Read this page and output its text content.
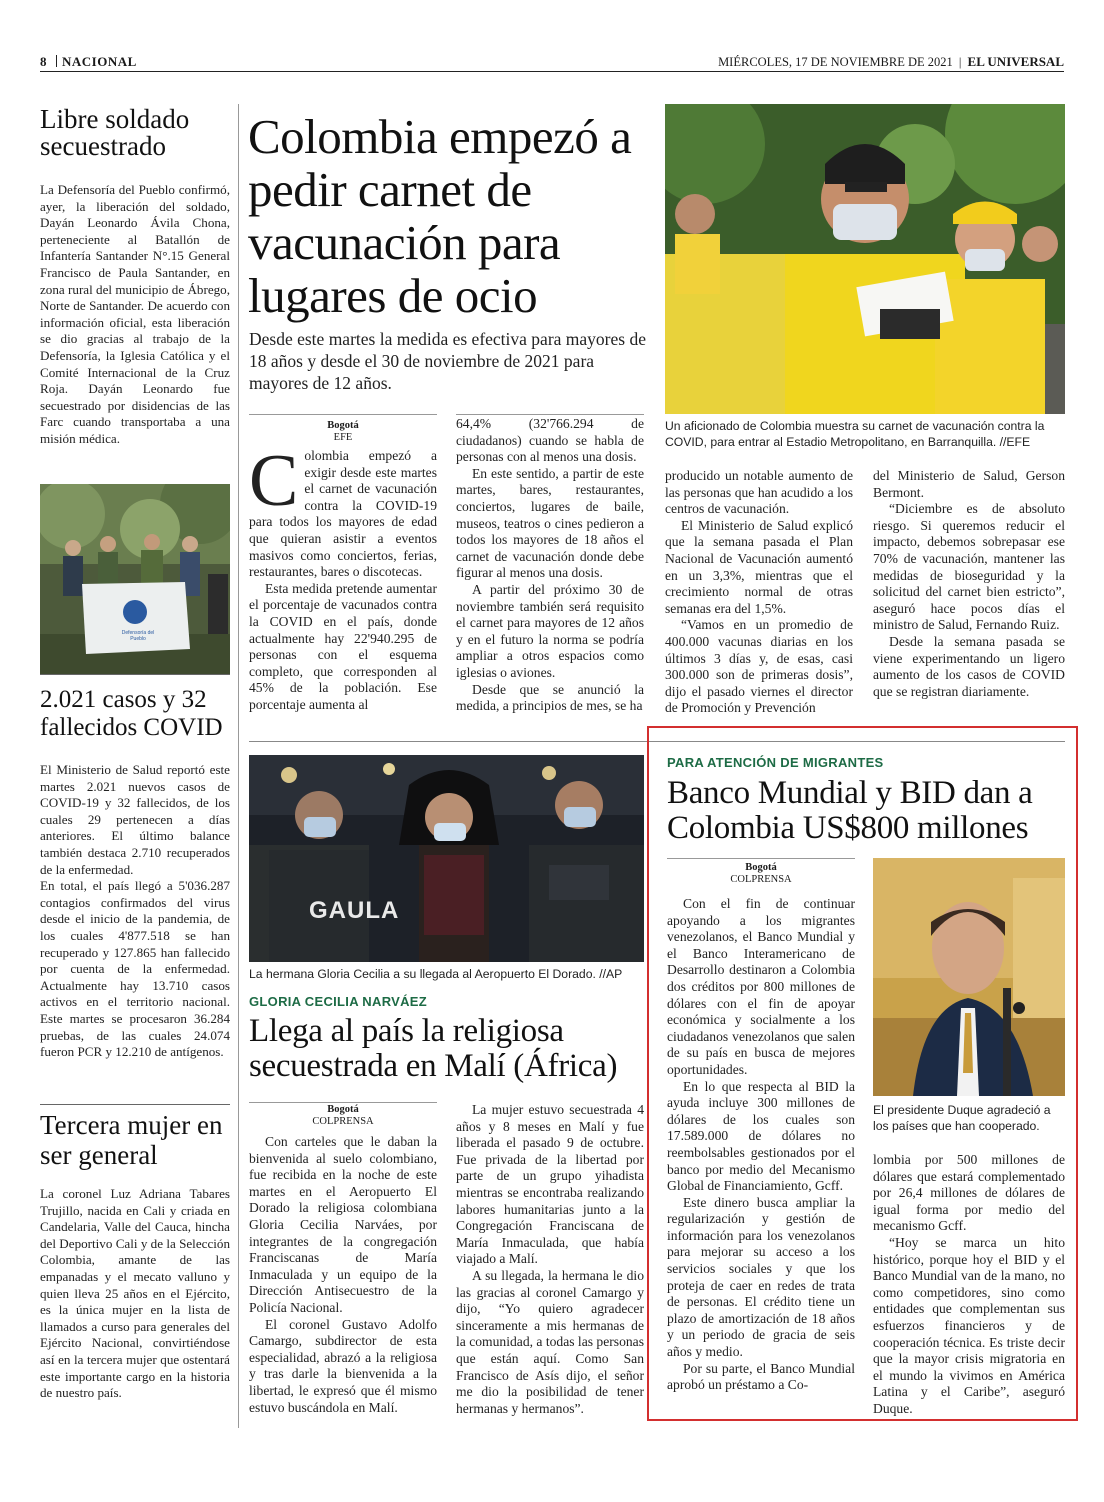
8 NACIONAL	MIÉRCOLES, 17 DE NOVIEMBRE DE 2021 | EL UNIVERSAL
Libre soldado secuestrado

La Defensoría del Pueblo confirmó, ayer, la liberación del soldado, Dayán Leonardo Ávila Chona, perteneciente al Batallón de Infantería Santander N°.15 General Francisco de Paula Santander, en zona rural del municipio de Ábrego, Norte de Santander. De acuerdo con información oficial, esta liberación se dio gracias al trabajo de la Defensoría, la Iglesia Católica y el Comité Internacional de la Cruz Roja. Dayán Leonardo fue secuestrado por disidencias de las Farc cuando transportaba a una misión médica.

Defensoría del Pueblo
2.021 casos y 32 fallecidos COVID

El Ministerio de Salud reportó este martes 2.021 nuevos casos de COVID-19 y 32 fallecidos, de los cuales 29 pertenecen a días anteriores. El último balance también destaca 2.710 recuperados de la enfermedad.

En total, el país llegó a 5'036.287 contagios confirmados del virus desde el inicio de la pandemia, de los cuales 4'877.518 se han recuperado y 127.865 han fallecido por cuenta de la enfermedad. Actualmente hay 13.710 casos activos en el territorio nacional. Este martes se procesaron 36.284 pruebas, de las cuales 24.074 fueron PCR y 12.210 de antígenos.

Tercera mujer en ser general

La coronel Luz Adriana Tabares Trujillo, nacida en Cali y criada en Candelaria, Valle del Cauca, hincha del Deportivo Cali y de la Selección Colombia, amante de las empanadas y el mecato valluno y quien lleva 25 años en el Ejército, es la única mujer en la lista de llamados a curso para generales del Ejército Nacional, convirtiéndose así en la tercera mujer que ostentará este importante cargo en la historia de nuestro país.

Colombia empezó a pedir carnet de vacunación para lugares de ocio

Desde este martes la medida es efectiva para mayores de 18 años y desde el 30 de noviembre de 2021 para mayores de 12 años.

Bogotá
EFE

Colombia empezó a exigir desde este martes el carnet de vacunación contra la COVID-19 para todos los mayores de edad que quieran asistir a eventos masivos como conciertos, ferias, restaurantes, bares o discotecas.

Esta medida pretende aumentar el porcentaje de vacunados contra la COVID en el país, donde actualmente hay 22'940.295 de personas con el esquema completo, que corresponden al 45% de la población. Ese porcentaje aumenta al

64,4% (32'766.294 de ciudadanos) cuando se habla de personas con al menos una dosis.

En este sentido, a partir de este martes, bares, restaurantes, conciertos, lugares de baile, museos, teatros o cines pedieron a todos los mayores de 18 años el carnet de vacunación donde debe figurar al menos una dosis.

A partir del próximo 30 de noviembre también será requisito el carnet para mayores de 12 años y en el futuro la norma se podría ampliar a otros espacios como iglesias o aviones.

Desde que se anunció la medida, a principios de mes, se ha

Un aficionado de Colombia muestra su carnet de vacunación contra la COVID, para entrar al Estadio Metropolitano, en Barranquilla. //EFE

producido un notable aumento de las personas que han acudido a los centros de vacunación.

El Ministerio de Salud explicó que la semana pasada el Plan Nacional de Vacunación aumentó en un 3,3%, mientras que el crecimiento normal de otras semanas era del 1,5%.

“Vamos en un promedio de 400.000 vacunas diarias en los últimos 3 días y, de esas, casi 300.000 son de primeras dosis”, dijo el pasado viernes el director de Promoción y Prevención

del Ministerio de Salud, Gerson Bermont.

“Diciembre es de absoluto riesgo. Si queremos reducir el impacto, debemos sobrepasar ese 70% de vacunación, mantener las medidas de bioseguridad y la solicitud del carnet bien estricto”, aseguró hace pocos días el ministro de Salud, Fernando Ruiz.

Desde la semana pasada se viene experimentando un ligero aumento de los casos de COVID que se registran diariamente.

GAULA

La hermana Gloria Cecilia a su llegada al Aeropuerto El Dorado. //AP

GLORIA CECILIA NARVÁEZ
Llega al país la religiosa secuestrada en Malí (África)
Bogotá
COLPRENSA

Con carteles que le daban la bienvenida al suelo colombiano, fue recibida en la noche de este martes en el Aeropuerto El Dorado la religiosa colombiana Gloria Cecilia Narváes, por integrantes de la congregación Franciscanas de María Inmaculada y un equipo de la Dirección Antisecuestro de la Policía Nacional.

El coronel Gustavo Adolfo Camargo, subdirector de esta especialidad, abrazó a la religiosa y tras darle la bienvenida a la libertad, le expresó que él mismo estuvo buscándola en Malí.

La mujer estuvo secuestrada 4 años y 8 meses en Malí y fue liberada el pasado 9 de octubre. Fue privada de la libertad por parte de un grupo yihadista mientras se encontraba realizando labores humanitarias junto a la Congregación Franciscana de María Inmaculada, que había viajado a Malí.

A su llegada, la hermana le dio las gracias al coronel Camargo y dijo, “Yo quiero agradecer sinceramente a mis hermanas de la comunidad, a todas las personas que están aquí. Como San Francisco de Asís dijo, el señor me dio la posibilidad de tener hermanas y hermanos”.

PARA ATENCIÓN DE MIGRANTES
Banco Mundial y BID dan a Colombia US$800 millones
Bogotá
COLPRENSA

Con el fin de continuar apoyando a los migrantes venezolanos, el Banco Mundial y el Banco Interamericano de Desarrollo destinaron a Colombia dos créditos por 800 millones de dólares con el fin de apoyar económica y socialmente a los ciudadanos venezolanos que salen de su país en busca de mejores oportunidades.

En lo que respecta al BID la ayuda incluye 300 millones de dólares de los cuales son 17.589.000 de dólares no reembolsables gestionados por el banco por medio del Mecanismo Global de Financiamiento, Gcff.

Este dinero busca ampliar la regularización y gestión de información para los venezolanos para mejorar su acceso a los servicios sociales y que los proteja de caer en redes de trata de personas. El crédito tiene un plazo de amortización de 18 años y un periodo de gracia de seis años y medio.

Por su parte, el Banco Mundial aprobó un préstamo a Co-

El presidente Duque agradeció a los países que han cooperado.

lombia por 500 millones de dólares que estará complementado por 26,4 millones de dólares de igual forma por medio del mecanismo Gcff.

“Hoy se marca un hito histórico, porque hoy el BID y el Banco Mundial van de la mano, no como competidores, sino como entidades que complementan sus esfuerzos financieros y de cooperación técnica. Es triste decir que la mayor crisis migratoria en el mundo la vivimos en América Latina y el Caribe”, aseguró Duque.
